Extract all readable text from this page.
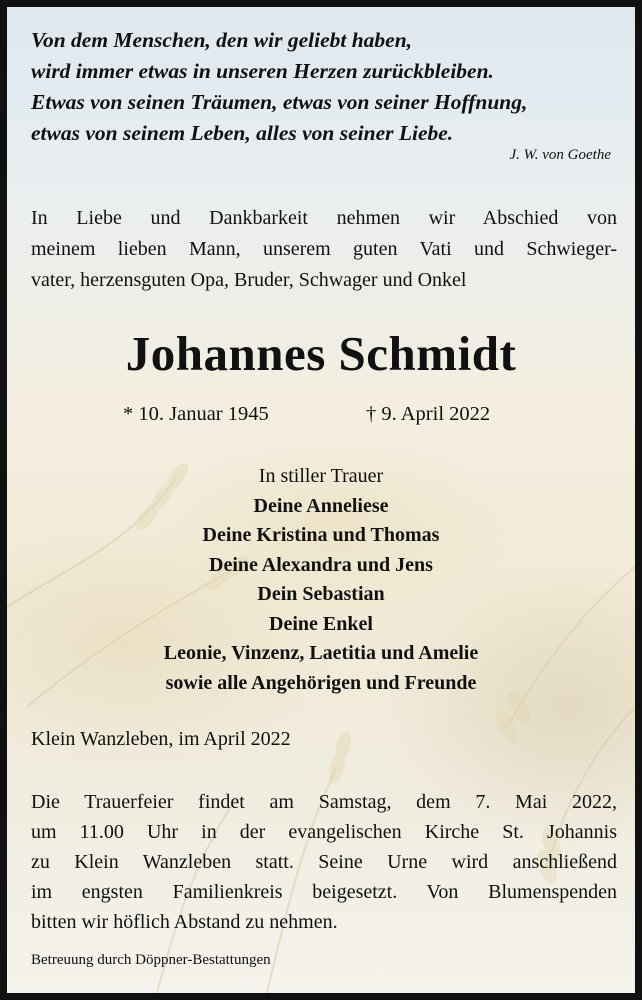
Von dem Menschen, den wir geliebt haben,
wird immer etwas in unseren Herzen zurückbleiben.
Etwas von seinen Träumen, etwas von seiner Hoffnung,
etwas von seinem Leben, alles von seiner Liebe.
J. W. von Goethe
In Liebe und Dankbarkeit nehmen wir Abschied von
meinem lieben Mann, unserem guten Vati und Schwieger-
vater, herzensguten Opa, Bruder, Schwager und Onkel
Johannes Schmidt
* 10. Januar 1945	† 9. April 2022
In stiller Trauer
Deine Anneliese
Deine Kristina und Thomas
Deine Alexandra und Jens
Dein Sebastian
Deine Enkel
Leonie, Vinzenz, Laetitia und Amelie
sowie alle Angehörigen und Freunde
Klein Wanzleben, im April 2022
Die Trauerfeier findet am Samstag, dem 7. Mai 2022,
um 11.00 Uhr in der evangelischen Kirche St. Johannis
zu Klein Wanzleben statt. Seine Urne wird anschließend
im engsten Familienkreis beigesetzt. Von Blumenspenden
bitten wir höflich Abstand zu nehmen.
Betreuung durch Döppner-Bestattungen
